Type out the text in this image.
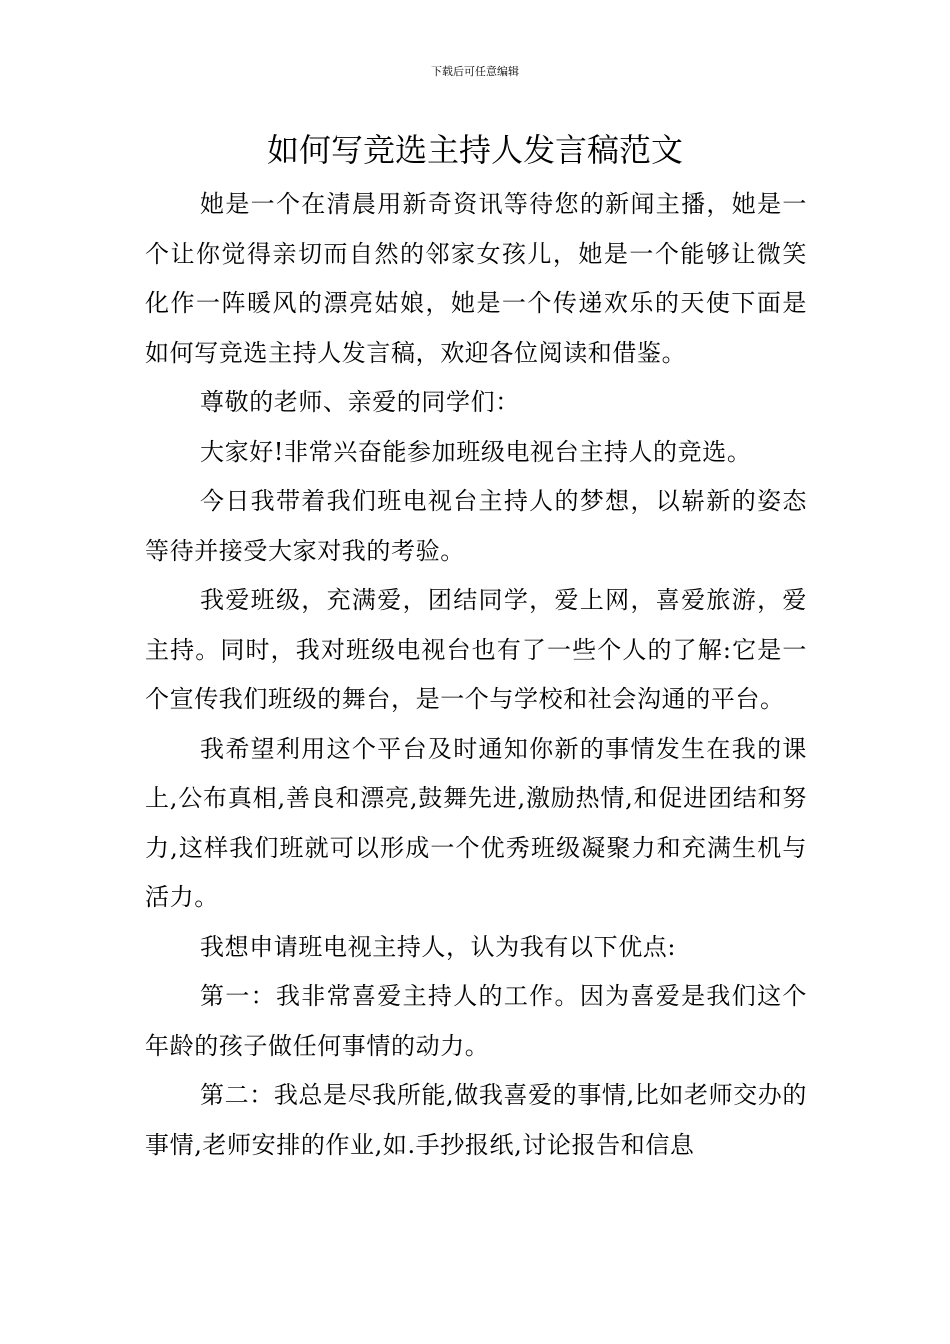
下载后可任意编辑
如何写竞选主持人发言稿范文

她是一个在清晨用新奇资讯等待您的新闻主播，她是一个让你觉得亲切而自然的邻家女孩儿，她是一个能够让微笑化作一阵暖风的漂亮姑娘，她是一个传递欢乐的天使下面是如何写竞选主持人发言稿，欢迎各位阅读和借鉴。

尊敬的老师、亲爱的同学们：

大家好!非常兴奋能参加班级电视台主持人的竞选。

今日我带着我们班电视台主持人的梦想，以崭新的姿态等待并接受大家对我的考验。

我爱班级，充满爱，团结同学，爱上网，喜爱旅游，爱主持。同时，我对班级电视台也有了一些个人的了解:它是一个宣传我们班级的舞台，是一个与学校和社会沟通的平台。

我希望利用这个平台及时通知你新的事情发生在我的课上,公布真相,善良和漂亮,鼓舞先进,激励热情,和促进团结和努力,这样我们班就可以形成一个优秀班级凝聚力和充满生机与活力。

我想申请班电视主持人，认为我有以下优点:

第一：我非常喜爱主持人的工作。因为喜爱是我们这个年龄的孩子做任何事情的动力。

第二：我总是尽我所能,做我喜爱的事情,比如老师交办的事情,老师安排的作业,如.手抄报纸,讨论报告和信息
